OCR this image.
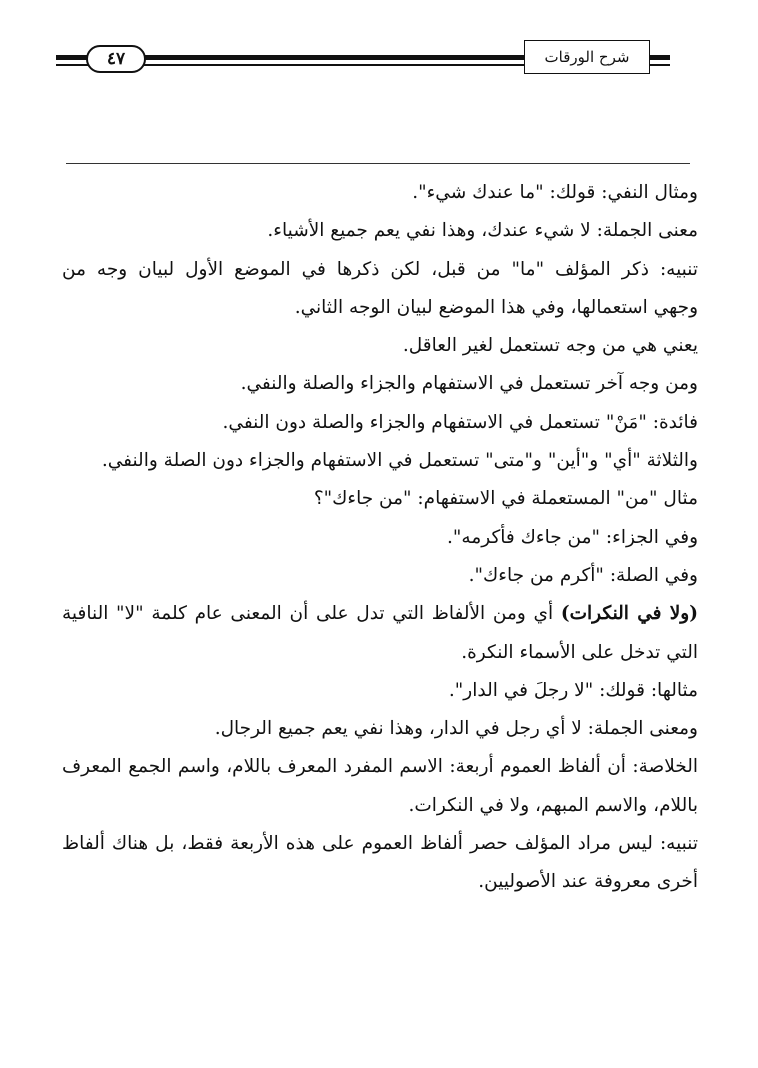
٤٧	شرح الورقات
ومثال النفي: قولك: "ما عندك شيء".
معنى الجملة: لا شيء عندك، وهذا نفي يعم جميع الأشياء.
تنبيه: ذكر المؤلف "ما" من قبل، لكن ذكرها في الموضع الأول لبيان وجه من
وجهي استعمالها، وفي هذا الموضع لبيان الوجه الثاني.
يعني هي من وجه تستعمل لغير العاقل.
ومن وجه آخر تستعمل في الاستفهام والجزاء والصلة والنفي.
فائدة: "مَنْ" تستعمل في الاستفهام والجزاء والصلة دون النفي.
والثلاثة "أي" و"أين" و"متى" تستعمل في الاستفهام والجزاء دون الصلة والنفي.
مثال "من" المستعملة في الاستفهام: "من جاءك"؟
وفي الجزاء: "من جاءك فأكرمه".
وفي الصلة: "أكرم من جاءك".
(ولا في النكرات) أي ومن الألفاظ التي تدل على أن المعنى عام كلمة "لا" النافية
التي تدخل على الأسماء النكرة.
مثالها: قولك: "لا رجلَ في الدار".
ومعنى الجملة: لا أي رجل في الدار، وهذا نفي يعم جميع الرجال.
الخلاصة: أن ألفاظ العموم أربعة: الاسم المفرد المعرف باللام، واسم الجمع المعرف
باللام، والاسم المبهم، ولا في النكرات.
تنبيه: ليس مراد المؤلف حصر ألفاظ العموم على هذه الأربعة فقط، بل هناك ألفاظ
أخرى معروفة عند الأصوليين.
